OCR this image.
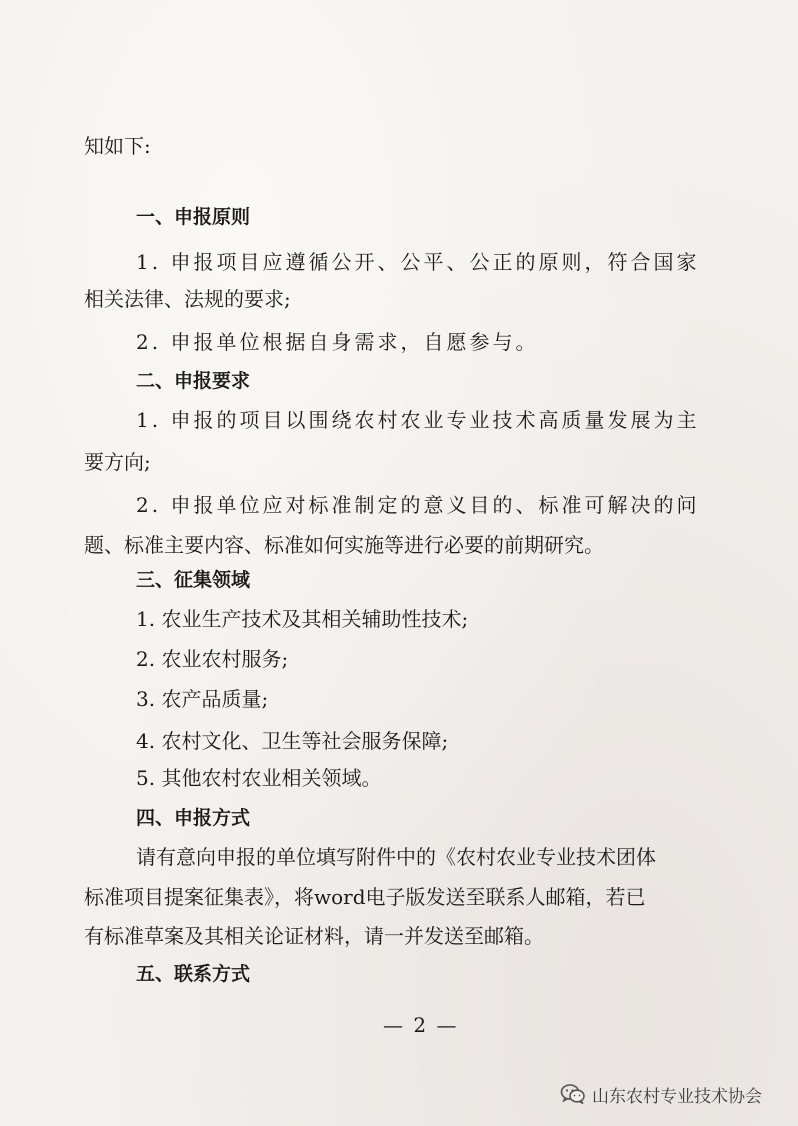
知如下:
一、申报原则
1. 申报项目应遵循公开、公平、公正的原则，符合国家
相关法律、法规的要求;
2. 申报单位根据自身需求，自愿参与。
二、申报要求
1. 申报的项目以围绕农村农业专业技术高质量发展为主
要方向;
2. 申报单位应对标准制定的意义目的、标准可解决的问
题、标准主要内容、标准如何实施等进行必要的前期研究。
三、征集领域
1. 农业生产技术及其相关辅助性技术;
2. 农业农村服务;
3. 农产品质量;
4. 农村文化、卫生等社会服务保障;
5. 其他农村农业相关领域。
四、申报方式
请有意向申报的单位填写附件中的《农村农业专业技术团体
标准项目提案征集表》，将word电子版发送至联系人邮箱，若已
有标准草案及其相关论证材料，请一并发送至邮箱。
五、联系方式
— 2 —
山东农村专业技术协会
